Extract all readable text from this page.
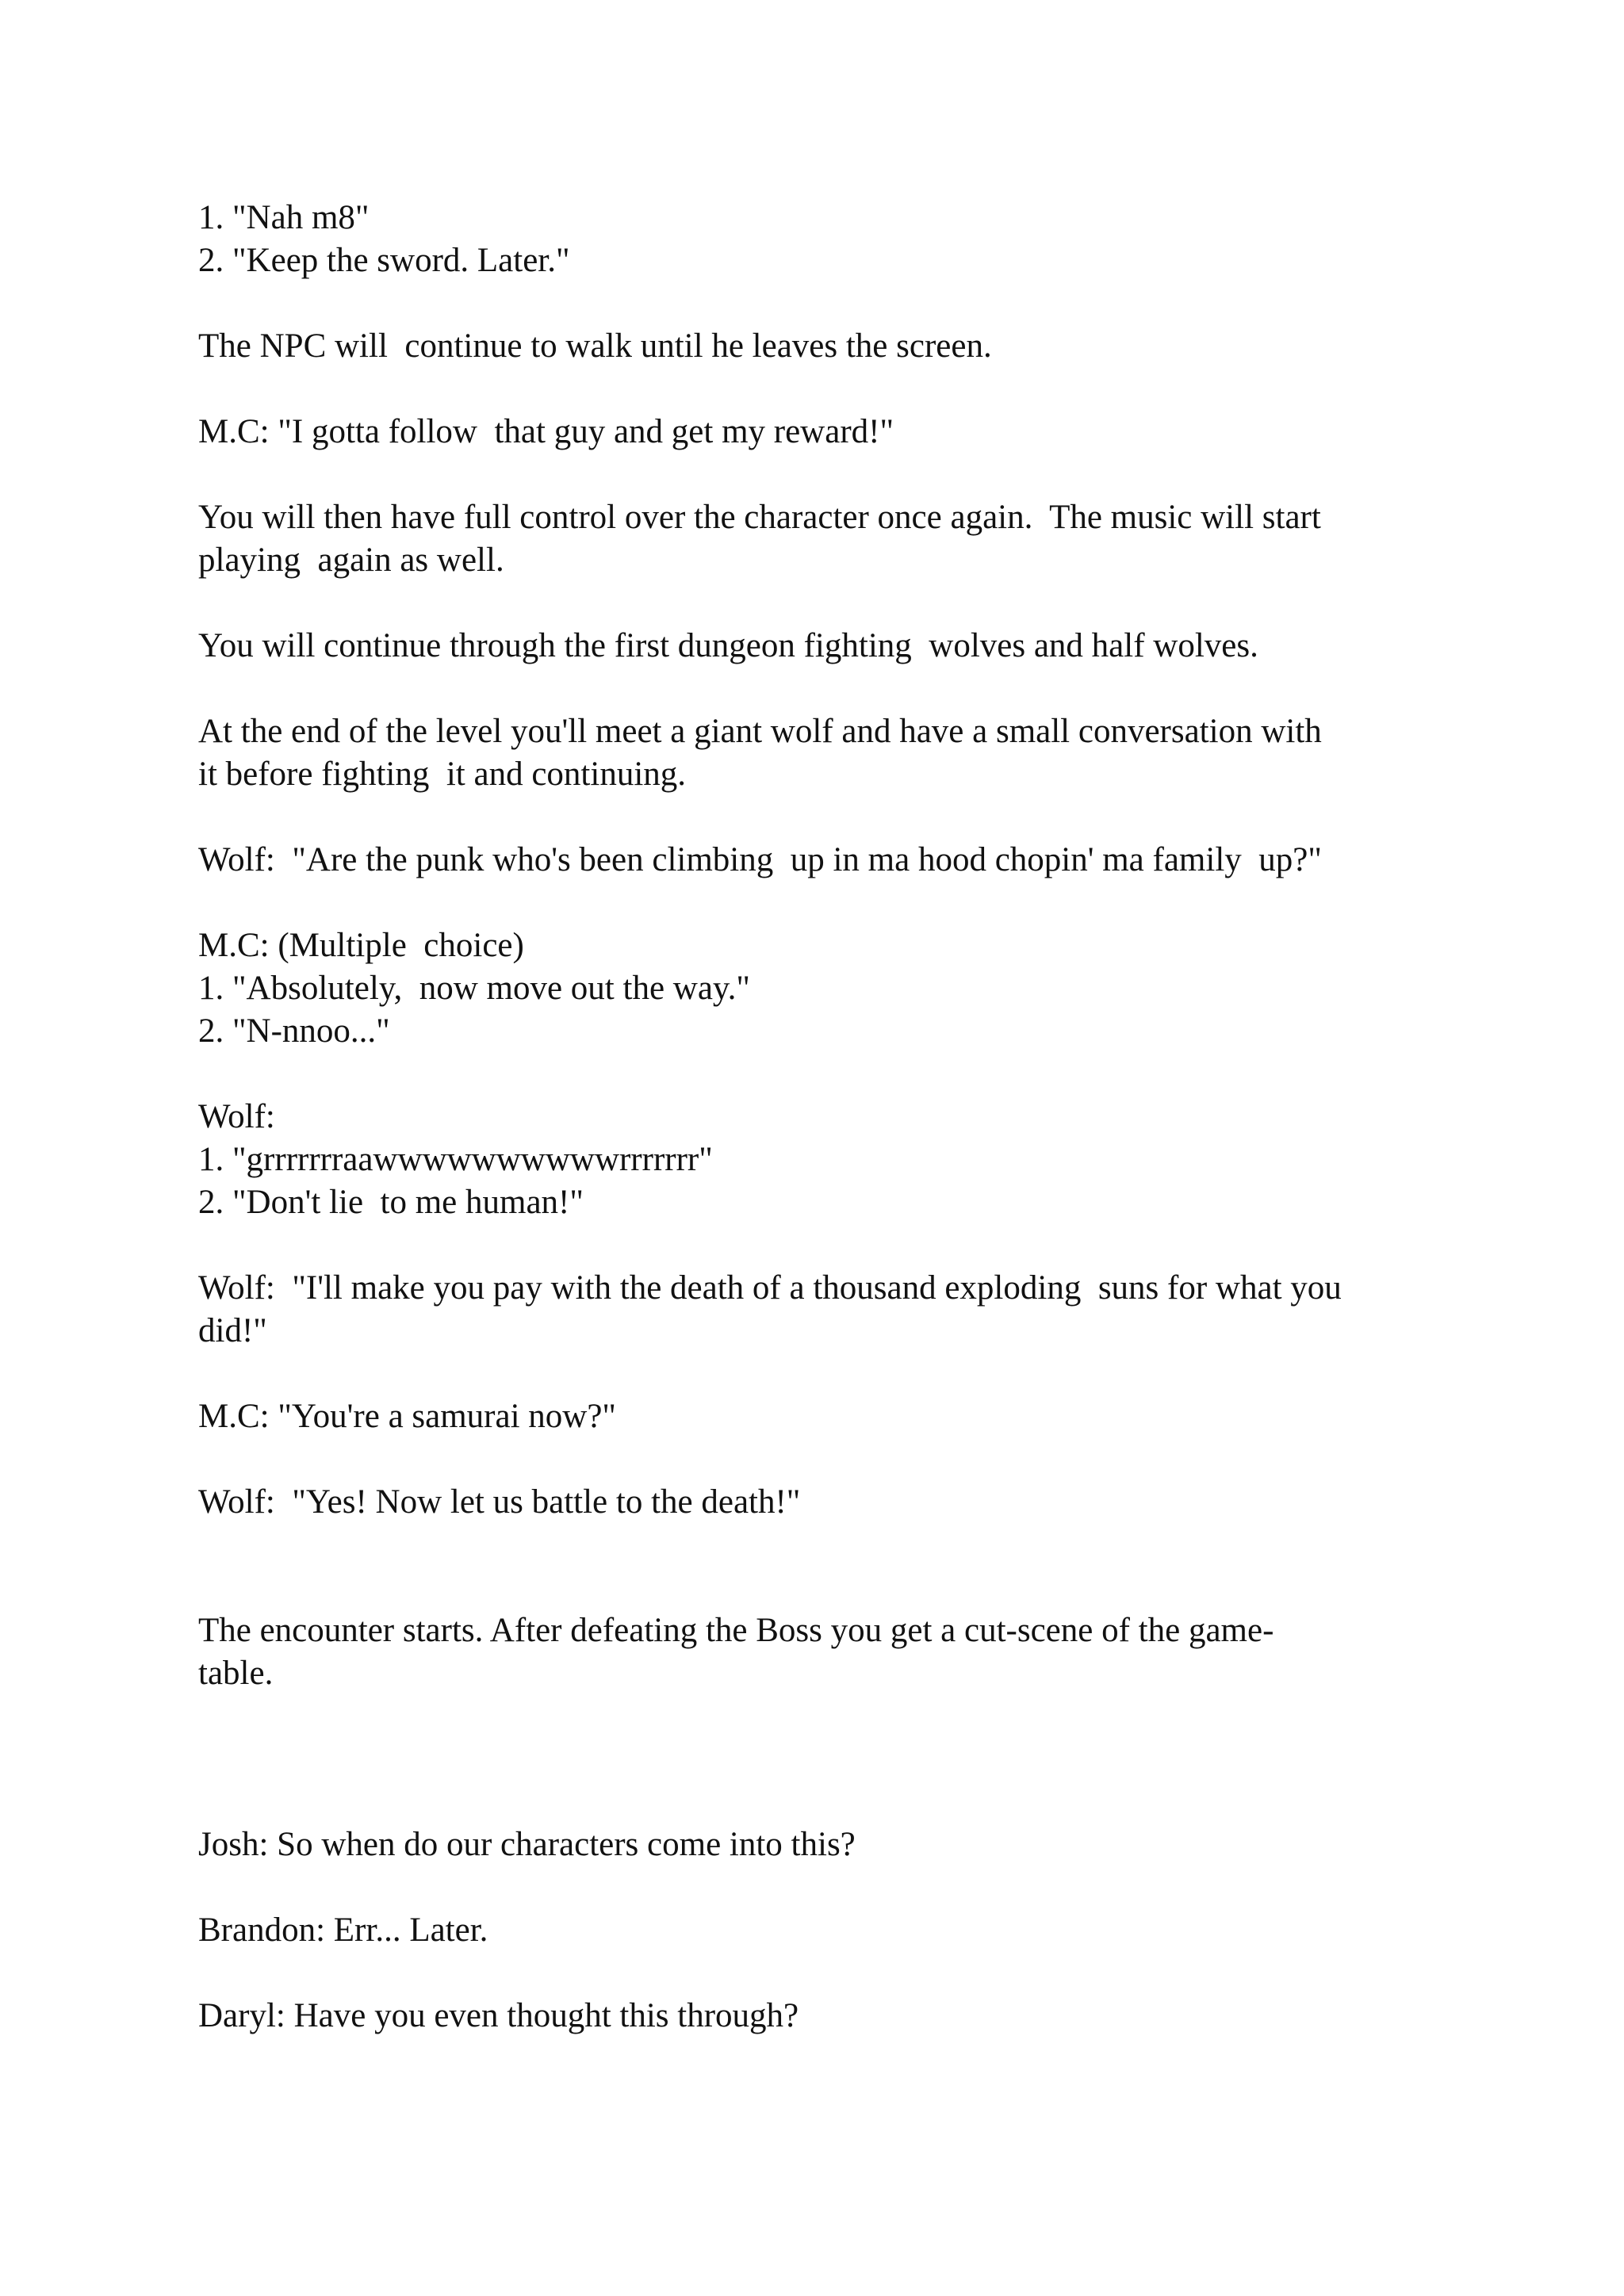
1. "Nah m8"
2. "Keep the sword. Later."
The NPC will  continue to walk until he leaves the screen.
M.C: "I gotta follow  that guy and get my reward!"
You will then have full control over the character once again.  The music will start
playing  again as well.
You will continue through the first dungeon fighting  wolves and half wolves.
At the end of the level you'll meet a giant wolf and have a small conversation with
it before fighting  it and continuing.
Wolf:  "Are the punk who's been climbing  up in ma hood chopin' ma family  up?"
M.C: (Multiple  choice)
1. "Absolutely,  now move out the way."
2. "N-nnoo..."
Wolf:
1. "grrrrrrraawwwwwwwwwwrrrrrrr"
2. "Don't lie  to me human!"
Wolf:  "I'll make you pay with the death of a thousand exploding  suns for what you
did!"
M.C: "You're a samurai now?"
Wolf:  "Yes! Now let us battle to the death!"
The encounter starts. After defeating the Boss you get a cut-scene of the game-
table.
Josh: So when do our characters come into this?
Brandon: Err... Later.
Daryl: Have you even thought this through?
